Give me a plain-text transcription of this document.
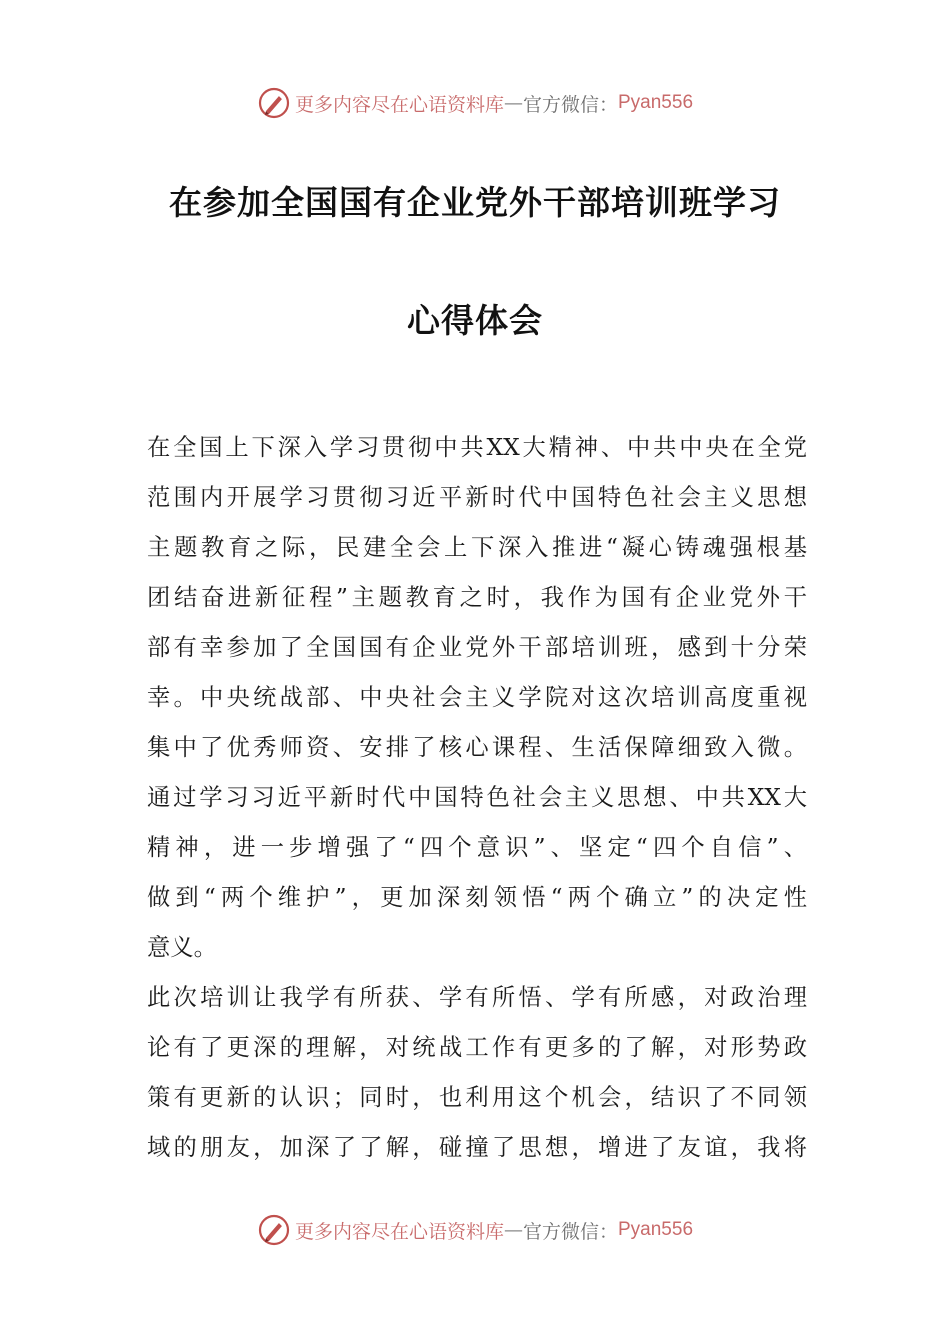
更多内容尽在心语资料库 — 官方微信： Pyan556
在参加全国国有企业党外干部培训班学习
心得体会
在全国上下深入学习贯彻中共XX大精神、中共中央在全党
范围内开展学习贯彻习近平新时代中国特色社会主义思想
主题教育之际，民建全会上下深入推进“凝心铸魂强根基
团结奋进新征程”主题教育之时，我作为国有企业党外干
部有幸参加了全国国有企业党外干部培训班，感到十分荣
幸。中央统战部、中央社会主义学院对这次培训高度重视
集中了优秀师资、安排了核心课程、生活保障细致入微。
通过学习习近平新时代中国特色社会主义思想、中共XX大
精神，进一步增强了“四个意识”、坚定“四个自信”、
做到“两个维护”，更加深刻领悟“两个确立”的决定性
意义。
此次培训让我学有所获、学有所悟、学有所感，对政治理
论有了更深的理解，对统战工作有更多的了解，对形势政
策有更新的认识；同时，也利用这个机会，结识了不同领
域的朋友，加深了了解，碰撞了思想，增进了友谊，我将
更多内容尽在心语资料库 — 官方微信： Pyan556
